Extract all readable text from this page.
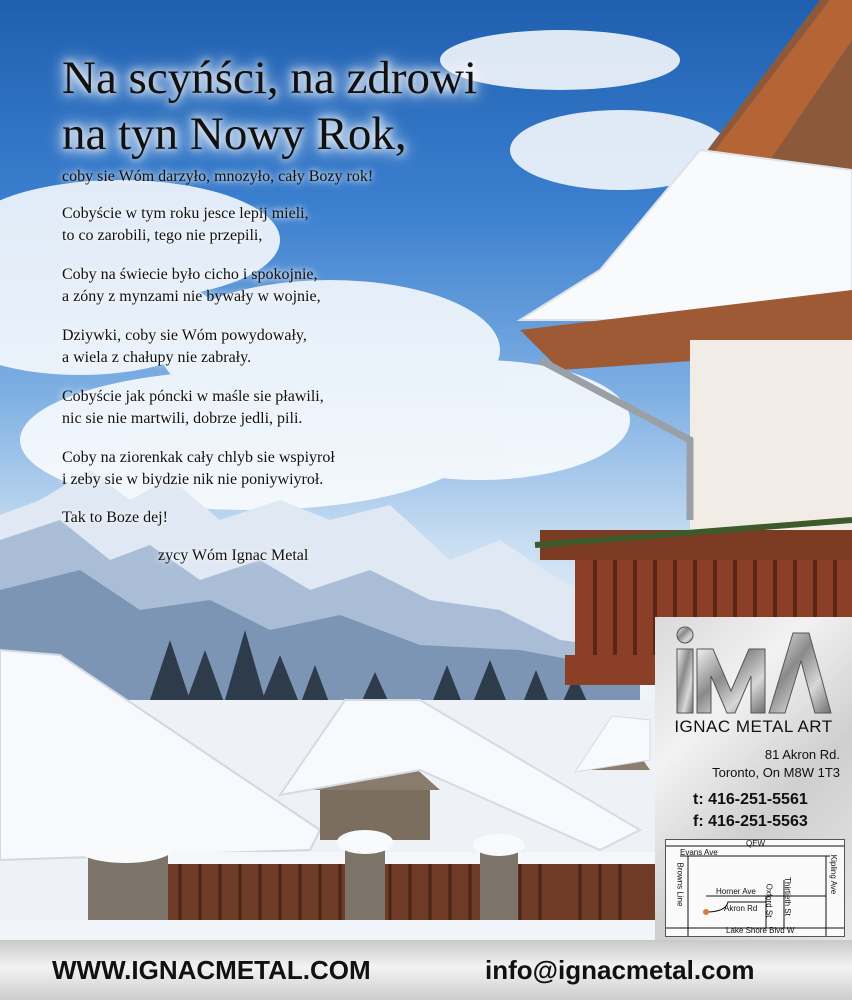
Na scyńści, na zdrowi
na tyn Nowy Rok,
coby sie Wóm darzyło, mnozyło, cały Bozy rok!
Cobyście w tym roku jesce lepij mieli,
to co zarobili, tego nie przepili,
Coby na świecie było cicho i spokojnie,
a zóny z mynzami nie bywały w wojnie,
Dziywki, coby sie Wóm powydowały,
a wiela z chałupy nie zabrały.
Cobyście jak póncki w maśle sie pławili,
nic sie nie martwili, dobrze jedli, pili.
Coby na ziorenkak cały chlyb sie wspiyroł
i zeby sie w biydzie nik nie poniywiyroł.
Tak to Boze dej!
zycy Wóm Ignac Metal
iMA
IGNAC METAL ART
81 Akron Rd.
Toronto, On M8W 1T3
t: 416-251-5561
f: 416-251-5563
QEW
Evans Ave
Horner Ave
Akron Rd
Lake Shore Blvd W
Browns Line	Oxford St Thirtieth St
Kipling Ave
WWW.IGNACMETAL.COM	info@ignacmetal.com
